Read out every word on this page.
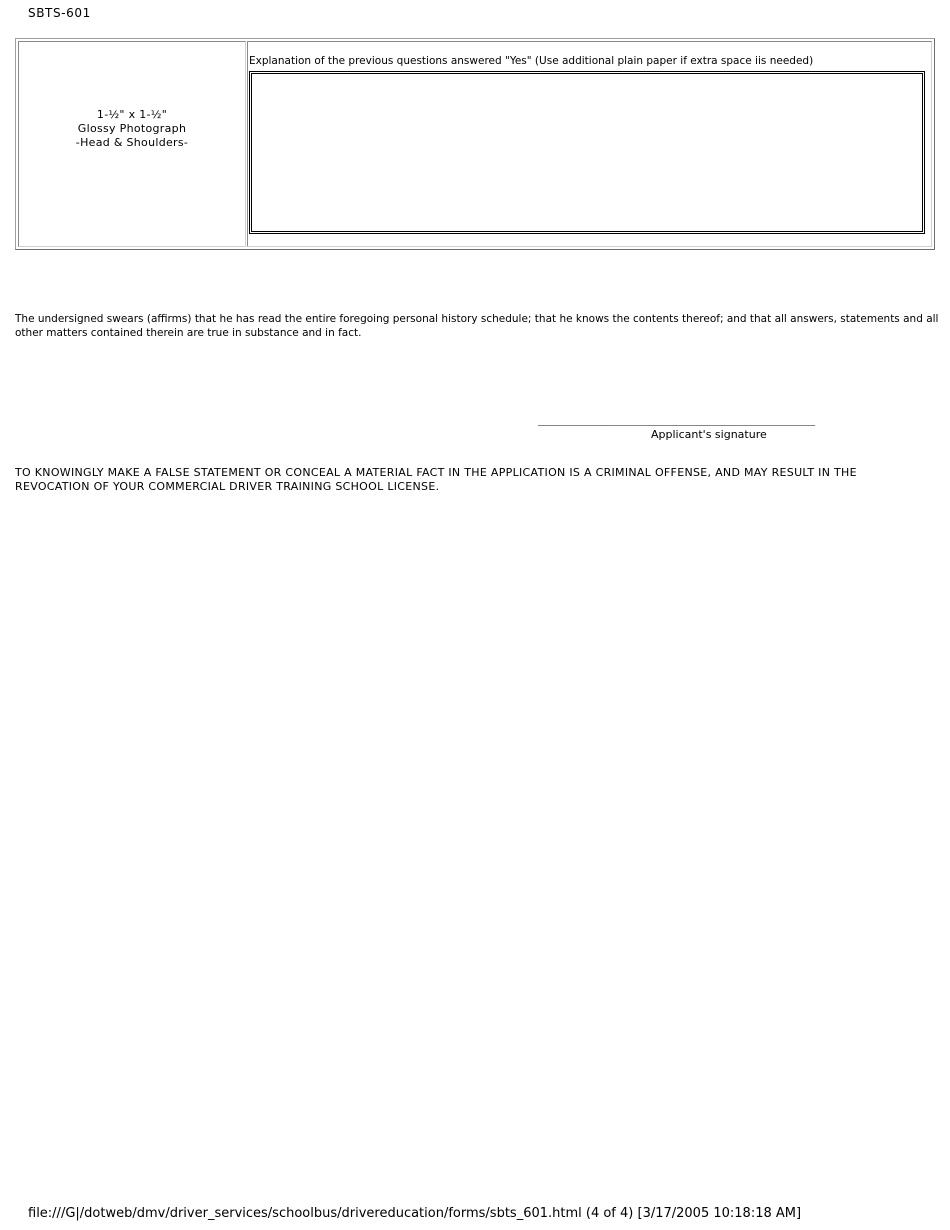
SBTS-601
1-½" x 1-½"
Glossy Photograph
-Head & Shoulders-
Explanation of the previous questions answered "Yes" (Use additional plain paper if extra space iis needed)
The undersigned swears (affirms) that he has read the entire foregoing personal history schedule; that he knows the contents thereof; and that all answers, statements and all other matters contained therein are true in substance and in fact.
________________________________________
Applicant's signature
TO KNOWINGLY MAKE A FALSE STATEMENT OR CONCEAL A MATERIAL FACT IN THE APPLICATION IS A CRIMINAL OFFENSE, AND MAY RESULT IN THE REVOCATION OF YOUR COMMERCIAL DRIVER TRAINING SCHOOL LICENSE.
file:///G|/dotweb/dmv/driver_services/schoolbus/drivereducation/forms/sbts_601.html (4 of 4) [3/17/2005 10:18:18 AM]
